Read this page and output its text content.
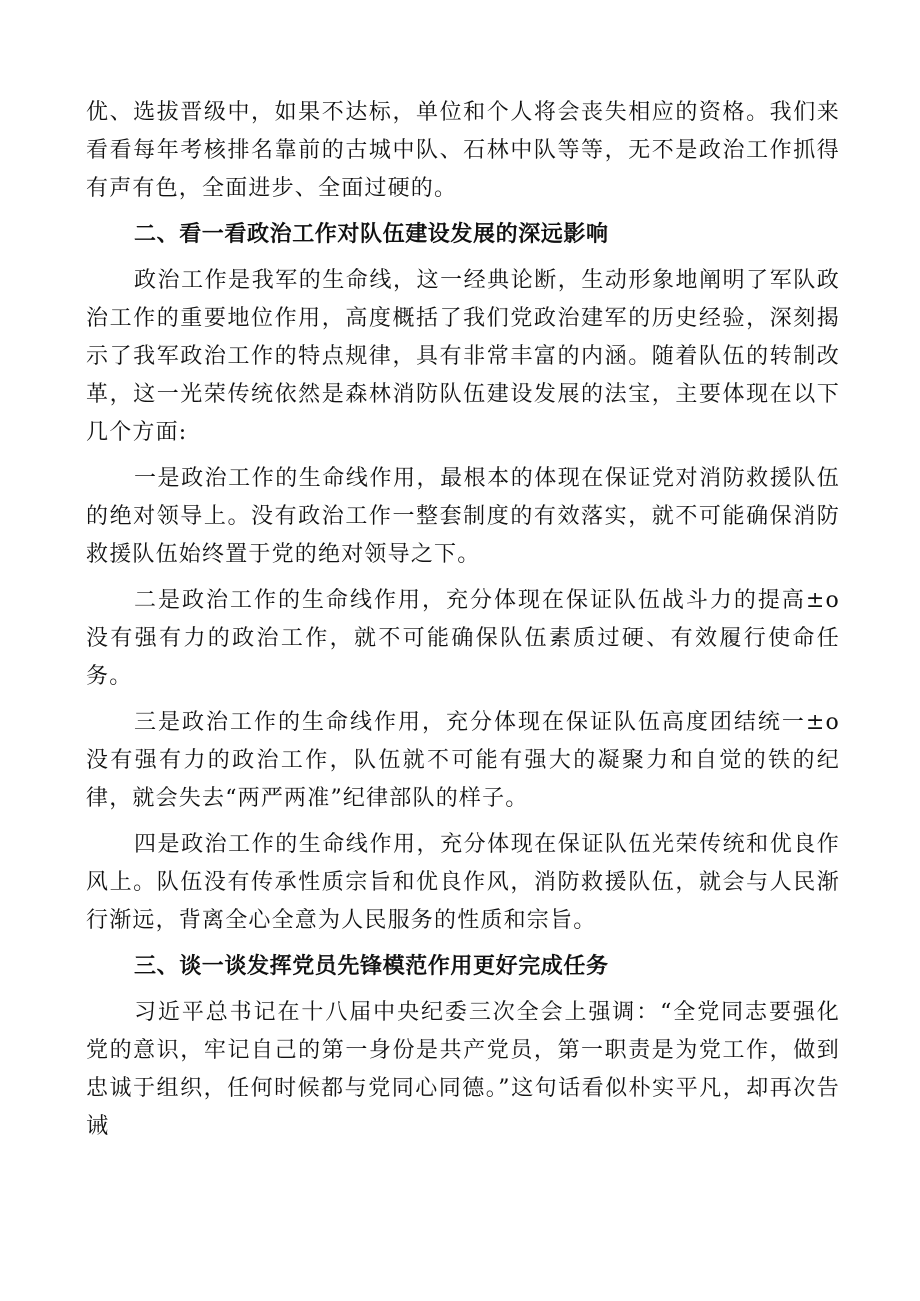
优、选拔晋级中，如果不达标，单位和个人将会丧失相应的资格。我们来看看每年考核排名靠前的古城中队、石林中队等等，无不是政治工作抓得有声有色，全面进步、全面过硬的。

二、看一看政治工作对队伍建设发展的深远影响

政治工作是我军的生命线，这一经典论断，生动形象地阐明了军队政治工作的重要地位作用，高度概括了我们党政治建军的历史经验，深刻揭示了我军政治工作的特点规律，具有非常丰富的内涵。随着队伍的转制改革，这一光荣传统依然是森林消防队伍建设发展的法宝，主要体现在以下几个方面:

一是政治工作的生命线作用，最根本的体现在保证党对消防救援队伍的绝对领导上。没有政治工作一整套制度的有效落实，就不可能确保消防救援队伍始终置于党的绝对领导之下。

二是政治工作的生命线作用，充分体现在保证队伍战斗力的提高±o没有强有力的政治工作，就不可能确保队伍素质过硬、有效履行使命任务。

三是政治工作的生命线作用，充分体现在保证队伍高度团结统一±o没有强有力的政治工作，队伍就不可能有强大的凝聚力和自觉的铁的纪律，就会失去“两严两准”纪律部队的样子。

四是政治工作的生命线作用，充分体现在保证队伍光荣传统和优良作风上。队伍没有传承性质宗旨和优良作风，消防救援队伍，就会与人民渐行渐远，背离全心全意为人民服务的性质和宗旨。

三、谈一谈发挥党员先锋模范作用更好完成任务

习近平总书记在十八届中央纪委三次全会上强调：“全党同志要强化党的意识，牢记自己的第一身份是共产党员，第一职责是为党工作，做到忠诚于组织，任何时候都与党同心同德。”这句话看似朴实平凡，却再次告诫
